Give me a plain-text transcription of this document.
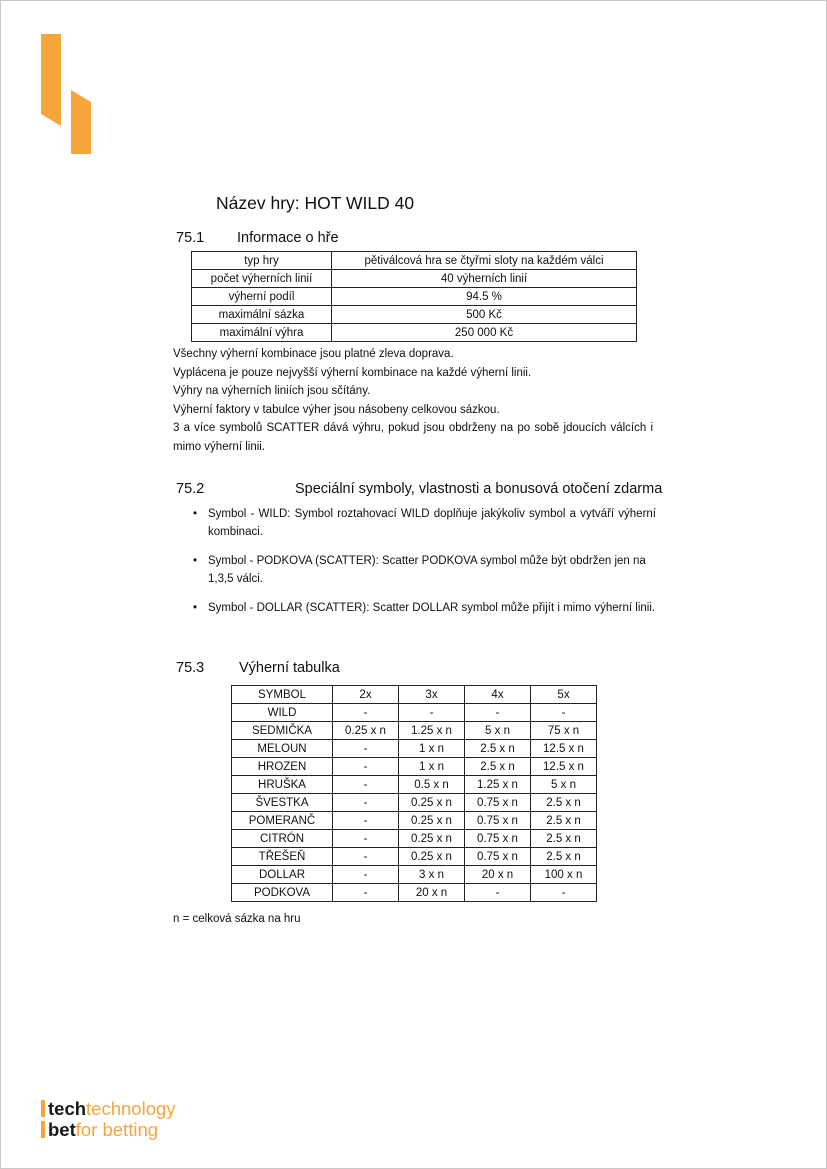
Název hry: HOT WILD 40
75.1 Informace o hře
typ hry	pětiválcová hra se čtyřmi sloty na každém válci
počet výherních linií	40 výherních linií
výherní podíl	94.5 %
maximální sázka	500 Kč
maximální výhra	250 000 Kč

Všechny výherní kombinace jsou platné zleva doprava.

Vyplácena je pouze nejvyšší výherní kombinace na každé výherní linii.

Výhry na výherních liniích jsou sčítány.

Výherní faktory v tabulce výher jsou násobeny celkovou sázkou.

3 a více symbolů SCATTER dává výhru, pokud jsou obdrženy na po sobě jdoucích válcích i mimo výherní linii.

75.2	Speciální symboly, vlastnosti a bonusová otočení zdarma
• Symbol - WILD: Symbol roztahovací WILD doplňuje jakýkoliv symbol a vytváří výherní kombinaci.
• Symbol - PODKOVA (SCATTER): Scatter PODKOVA symbol může být obdržen jen na 1,3,5 válci.
• Symbol - DOLLAR (SCATTER): Scatter DOLLAR symbol může přijít i mimo výherní linii.
75.3 Výherní tabulka
SYMBOL	2x	3x	4x	5x
WILD	-	-	-	-
SEDMIČKA	0.25 x n	1.25 x n	5 x n	75 x n
MELOUN	-	1 x n	2.5 x n	12.5 x n
HROZEN	-	1 x n	2.5 x n	12.5 x n
HRUŠKA	-	0.5 x n	1.25 x n	5 x n
ŠVESTKA	-	0.25 x n	0.75 x n	2.5 x n
POMERANČ	-	0.25 x n	0.75 x n	2.5 x n
CITRÓN	-	0.25 x n	0.75 x n	2.5 x n
TŘEŠEŇ	-	0.25 x n	0.75 x n	2.5 x n
DOLLAR	-	3 x n	20 x n	100 x n
PODKOVA	-	20 x n	-	-
n = celková sázka na hru
techtechnology
betfor betting
